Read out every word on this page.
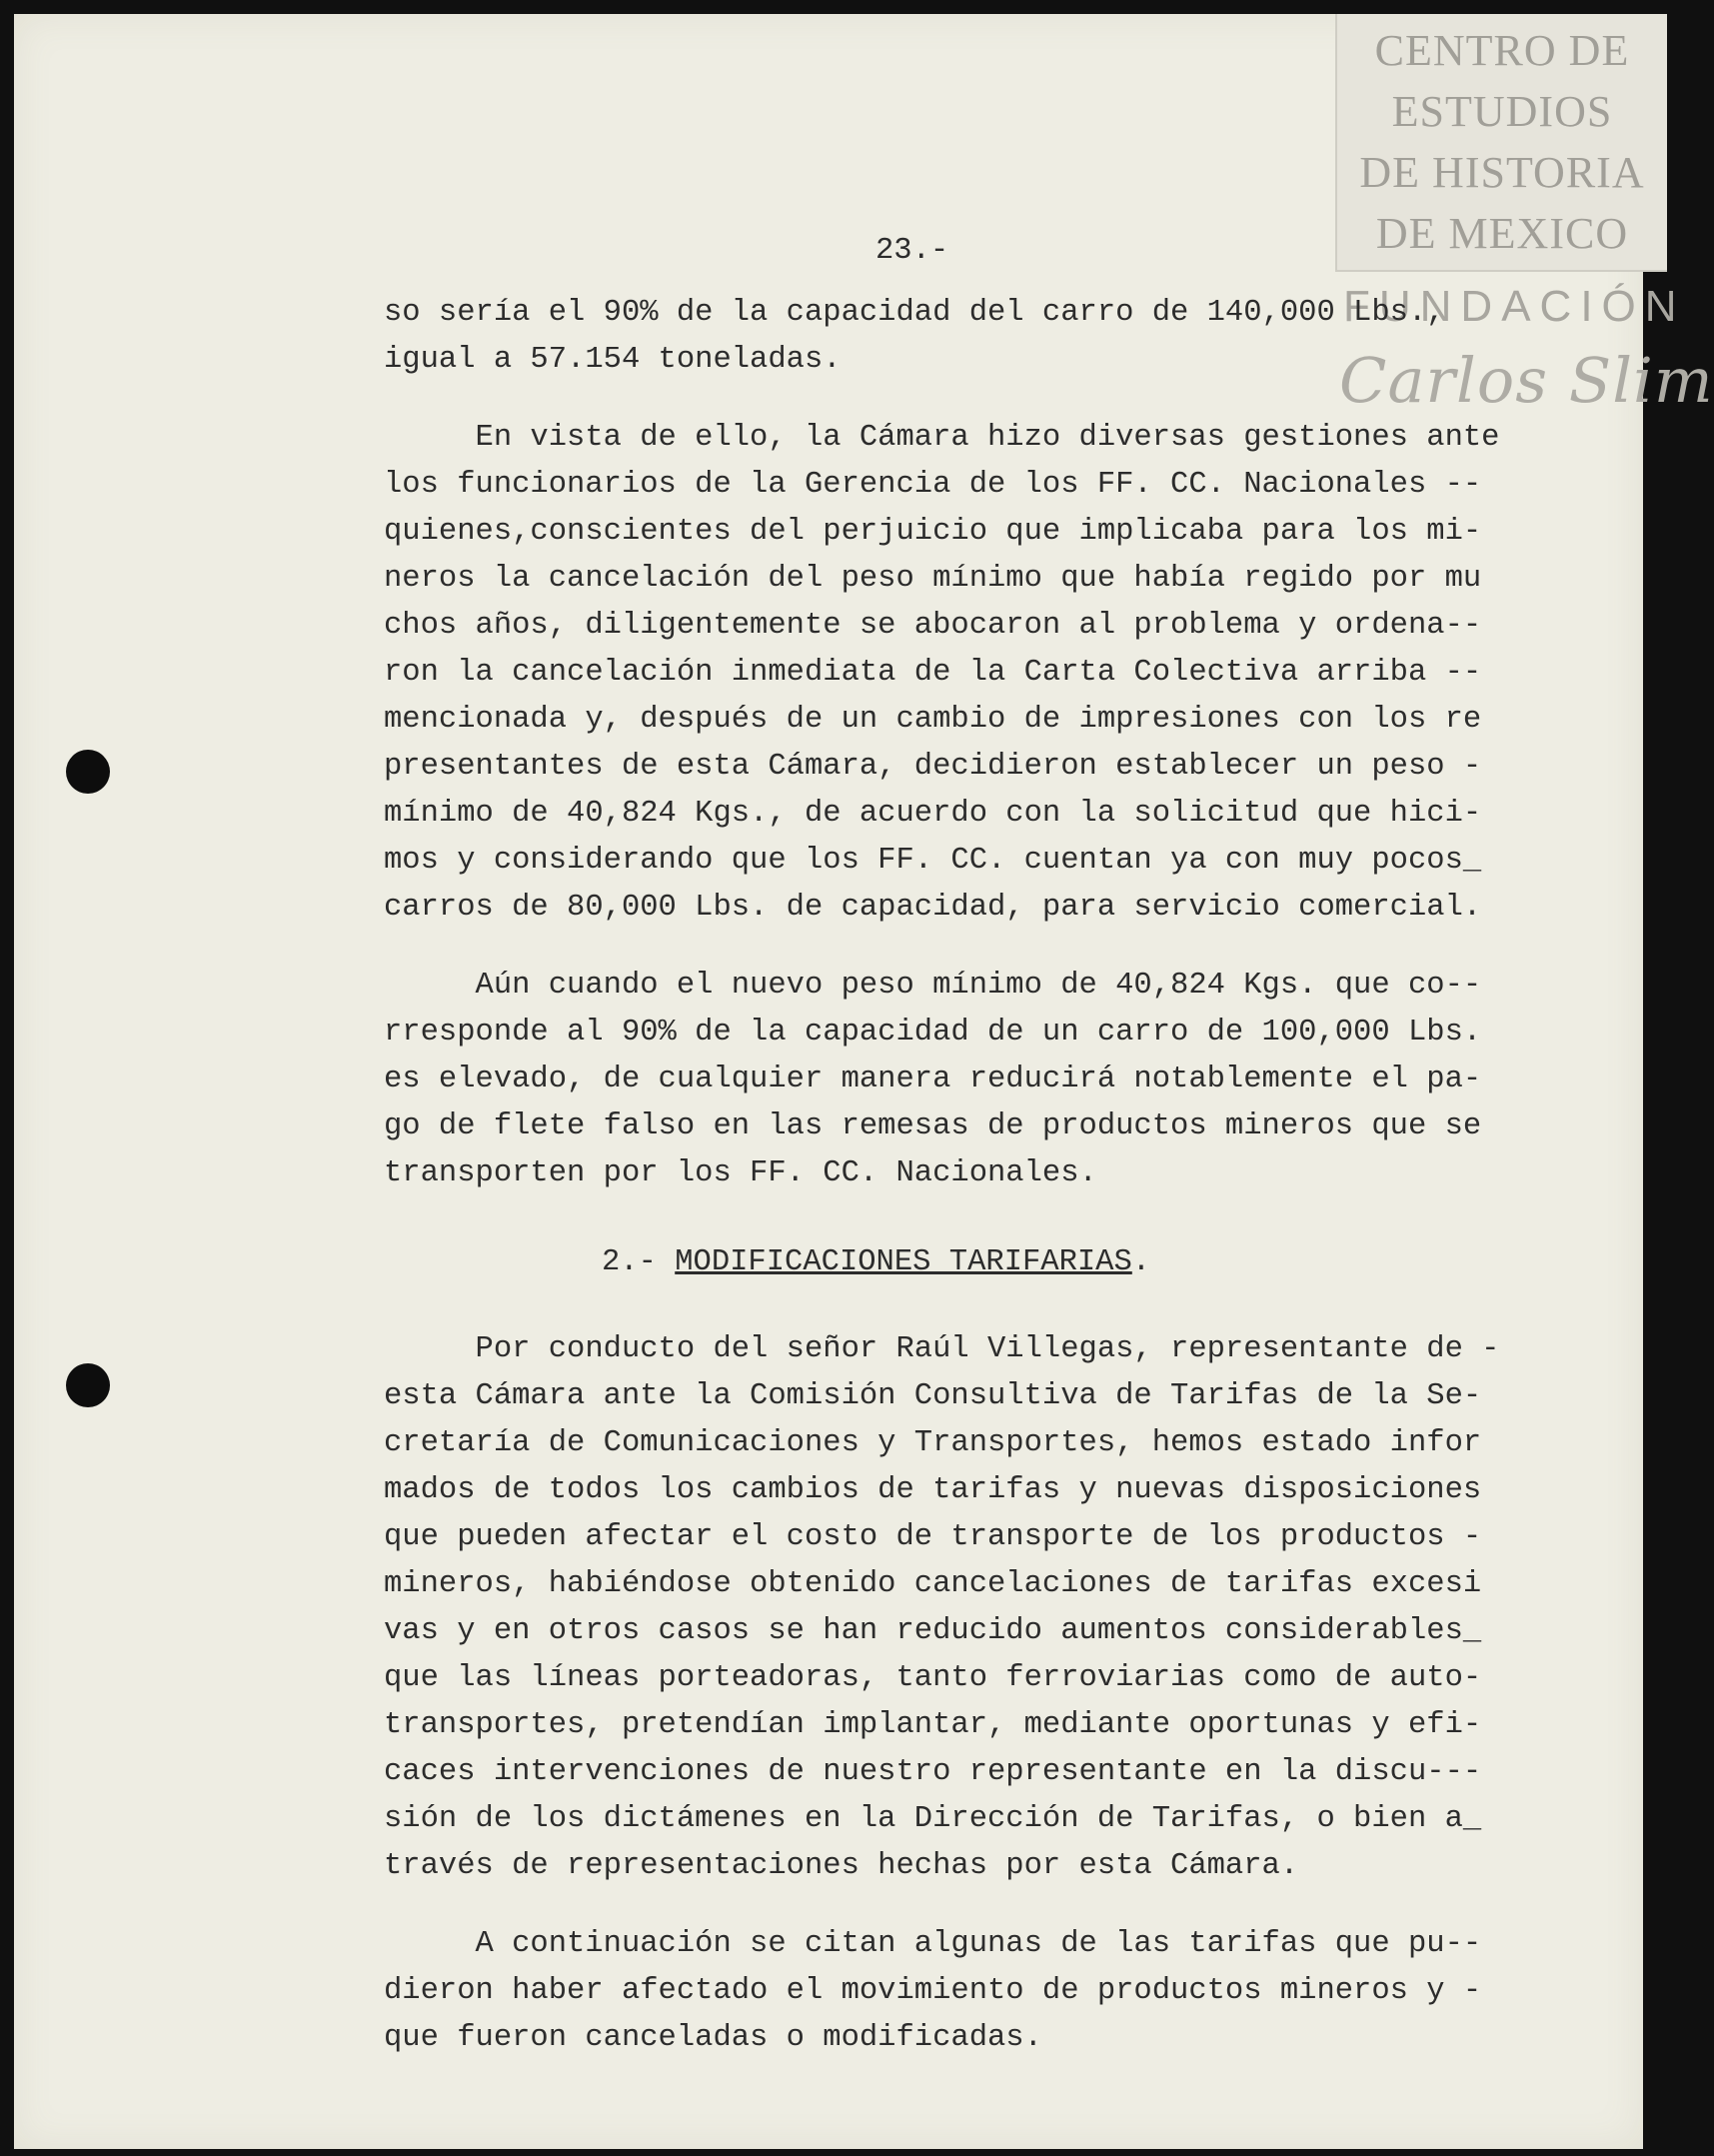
CENTRO DE
ESTUDIOS
DE HISTORIA
DE MEXICO
FUNDACIÓN
Carlos Slim
23.-
so sería el 90% de la capacidad del carro de 140,000 Lbs.,
igual a 57.154 toneladas.
En vista de ello, la Cámara hizo diversas gestiones ante
los funcionarios de la Gerencia de los FF. CC. Nacionales --
quienes,conscientes del perjuicio que implicaba para los mi-
neros la cancelación del peso mínimo que había regido por mu
chos años, diligentemente se abocaron al problema y ordena--
ron la cancelación inmediata de la Carta Colectiva arriba --
mencionada y, después de un cambio de impresiones con los re
presentantes de esta Cámara, decidieron establecer un peso -
mínimo de 40,824 Kgs., de acuerdo con la solicitud que hici-
mos y considerando que los FF. CC. cuentan ya con muy pocos_
carros de 80,000 Lbs. de capacidad, para servicio comercial.
Aún cuando el nuevo peso mínimo de 40,824 Kgs. que co--
rresponde al 90% de la capacidad de un carro de 100,000 Lbs.
es elevado, de cualquier manera reducirá notablemente el pa-
go de flete falso en las remesas de productos mineros que se
transporten por los FF. CC. Nacionales.
2.- MODIFICACIONES TARIFARIAS.
Por conducto del señor Raúl Villegas, representante de -
esta Cámara ante la Comisión Consultiva de Tarifas de la Se-
cretaría de Comunicaciones y Transportes, hemos estado infor
mados de todos los cambios de tarifas y nuevas disposiciones
que pueden afectar el costo de transporte de los productos -
mineros, habiéndose obtenido cancelaciones de tarifas excesi
vas y en otros casos se han reducido aumentos considerables_
que las líneas porteadoras, tanto ferroviarias como de auto-
transportes, pretendían implantar, mediante oportunas y efi-
caces intervenciones de nuestro representante en la discu---
sión de los dictámenes en la Dirección de Tarifas, o bien a_
través de representaciones hechas por esta Cámara.
A continuación se citan algunas de las tarifas que pu--
dieron haber afectado el movimiento de productos mineros y -
que fueron canceladas o modificadas.
